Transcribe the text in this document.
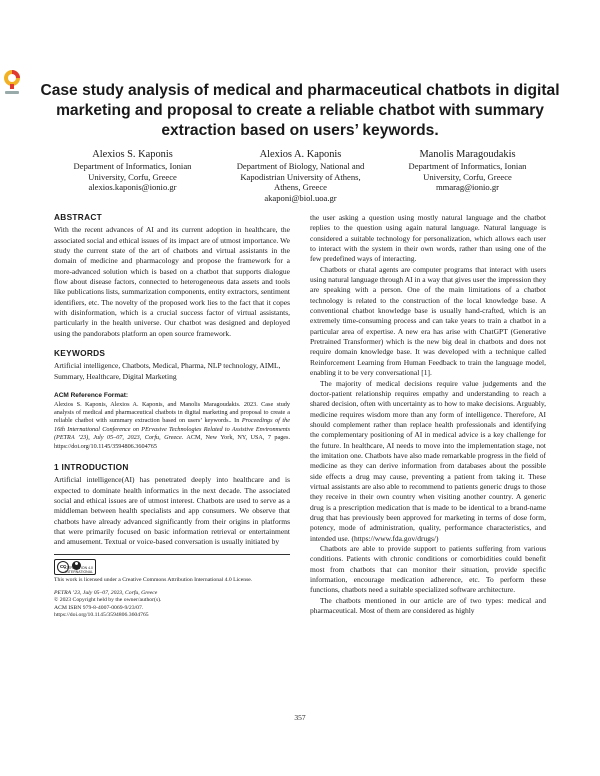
Case study analysis of medical and pharmaceutical chatbots in digital marketing and proposal to create a reliable chatbot with summary extraction based on users’ keywords.
Alexios S. Kaponis
Department of Informatics, Ionian
University, Corfu, Greece
alexios.kaponis@ionio.gr
Alexios A. Kaponis
Department of Biology, National and
Kapodistrian University of Athens,
Athens, Greece
akaponi@biol.uoa.gr
Manolis Maragoudakis
Department of Informatics, Ionian
University, Corfu, Greece
mmarag@ionio.gr
ABSTRACT

With the recent advances of AI and its current adoption in healthcare, the associated social and ethical issues of its impact are of utmost importance. We study the current state of the art of chatbots and virtual assistants in the domain of medicine and pharmacology and propose the framework for a more-advanced solution which is based on a chatbot that supports dialogue flow about disease factors, connected to heterogeneous data assets and tools like publications lists, summarization components, entity extractors, sentiment identifiers, etc. The novelty of the proposed work lies to the fact that it copes with disinformation, which is a crucial success factor of virtual assistants, particularly in the health universe. Our chatbot was designed and deployed using the pandorabots platform an open source framework.

KEYWORDS

Artificial intelligence, Chatbots, Medical, Pharma, NLP technology, AIML, Summary, Healthcare, Digital Marketing

ACM Reference Format:
Alexios S. Kaponis, Alexios A. Kaponis, and Manolis Maragoudakis. 2023. Case study analysis of medical and pharmaceutical chatbots in digital marketing and proposal to create a reliable chatbot with summary extraction based on users’ keywords.. In Proceedings of the 16th International Conference on PErvasive Technologies Related to Assistive Environments (PETRA ’23), July 05–07, 2023, Corfu, Greece. ACM, New York, NY, USA, 7 pages. https://doi.org/10.1145/3594806.3604765
1 INTRODUCTION

Artificial intelligence(AI) has penetrated deeply into healthcare and is expected to dominate health informatics in the next decade. The associated social and ethical issues are of utmost interest. Chatbots are used to serve as a middleman between health specialists and app consumers. We observe that chatbots have already advanced significantly from their origins in platforms that were primarily focused on basic information retrieval or entertainment and amusement. Textual or voice-based conversation is usually initiated by

cc
ATTRIBUTION 4.0 INTERNATIONAL
This work is licensed under a Creative Commons Attribution International 4.0 License.
PETRA ’23, July 05–07, 2023, Corfu, Greece
© 2023 Copyright held by the owner/author(s).
ACM ISBN 979-8-4007-0069-9/23/07.
https://doi.org/10.1145/3594806.3604765

the user asking a question using mostly natural language and the chatbot replies to the question using again natural language. Natural language is considered a suitable technology for personalization, which allows each user to interact with the system in their own words, rather than using one of the few predefined ways of interacting.

Chatbots or chatal agents are computer programs that interact with users using natural language through AI in a way that gives user the impression they are speaking with a person. One of the main limitations of a chatbot technology is related to the construction of the local knowledge base. A conventional chatbot knowledge base is usually hand-crafted, which is an extremely time-consuming process and can take years to train a chatbot in a particular area of expertise. A new era has arise with ChatGPT (Generative Pretrained Transformer) which is the new big deal in chatbots and does not require domain knowledge base. It was developed with a technique called Reinforcement Learning from Human Feedback to train the language model, enabling it to be very conversational [1].

The majority of medical decisions require value judgements and the doctor-patient relationship requires empathy and understanding to reach a shared decision, often with uncertainty as to how to make decisions. Arguably, medicine requires wisdom more than any form of intelligence. Therefore, AI should complement rather than replace health professionals and identifying the complementary positioning of AI in medical advice is a key challenge for the future. In healthcare, AI needs to move into the implementation stage, not the imitation one. Chatbots have also made remarkable progress in the field of medicine as they can derive information from databases about the possible side effects a drug may cause, preventing a patient from taking it. These virtual assistants are also able to recommend to patients generic drugs to those they receive in their own country when visiting another country. A generic drug is a prescription medication that is made to be identical to a brand-name drug that has previously been approved for marketing in terms of dose form, potency, mode of administration, quality, performance characteristics, and intended use. (https://www.fda.gov/drugs/)

Chatbots are able to provide support to patients suffering from various conditions. Patients with chronic conditions or comorbidities could benefit most from chatbots that can monitor their situation, provide specific information, encourage medication adherence, etc. To perform these functions, chatbots need a suitable specialized software architecture.

The chatbots mentioned in our article are of two types: medical and pharmaceutical. Most of them are considered as highly

357
